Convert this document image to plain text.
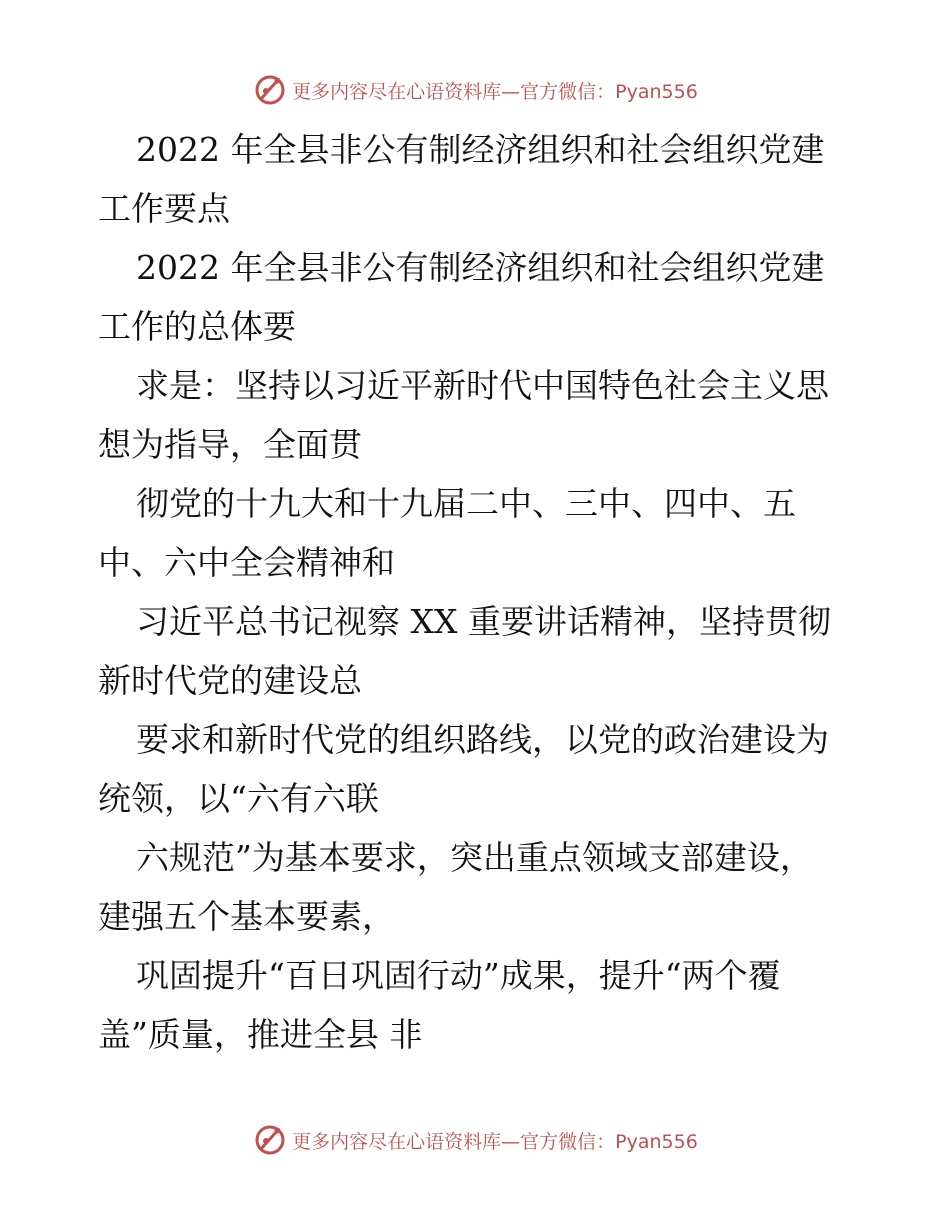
更多内容尽在心语资料库—官方微信：Pyan556

2022 年全县非公有制经济组织和社会组织党建
工作要点

2022 年全县非公有制经济组织和社会组织党建
工作的总体要

求是：坚持以习近平新时代中国特色社会主义思
想为指导，全面贯

彻党的十九大和十九届二中、三中、四中、五
中、六中全会精神和

习近平总书记视察 XX 重要讲话精神，坚持贯彻
新时代党的建设总

要求和新时代党的组织路线，以党的政治建设为
统领，以“六有六联

六规范”为基本要求，突出重点领域支部建设，
建强五个基本要素，

巩固提升“百日巩固行动”成果，提升“两个覆
盖”质量，推进全县 非

更多内容尽在心语资料库—官方微信：Pyan556
